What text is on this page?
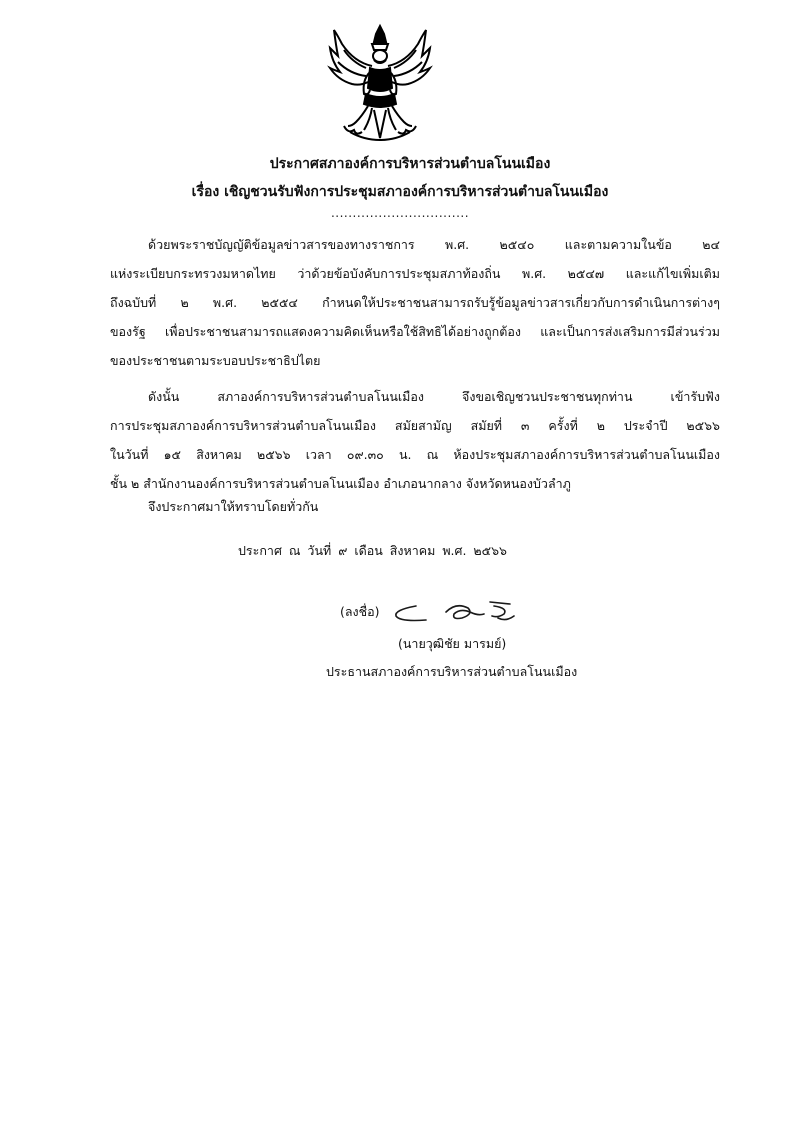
ประกาศสภาองค์การบริหารส่วนตำบลโนนเมือง
เรื่อง เชิญชวนรับฟังการประชุมสภาองค์การบริหารส่วนตำบลโนนเมือง
................................
ด้วยพระราชบัญญัติข้อมูลข่าวสารของทางราชการ พ.ศ. ๒๕๔๐ และตามความในข้อ ๒๔
แห่งระเบียบกระทรวงมหาดไทย ว่าด้วยข้อบังคับการประชุมสภาท้องถิ่น พ.ศ. ๒๕๔๗ และแก้ไขเพิ่มเติม
ถึงฉบับที่ ๒ พ.ศ. ๒๕๕๔ กำหนดให้ประชาชนสามารถรับรู้ข้อมูลข่าวสารเกี่ยวกับการดำเนินการต่างๆ
ของรัฐ เพื่อประชาชนสามารถแสดงความคิดเห็นหรือใช้สิทธิได้อย่างถูกต้อง และเป็นการส่งเสริมการมีส่วนร่วม
ของประชาชนตามระบอบประชาธิปไตย
ดังนั้น สภาองค์การบริหารส่วนตำบลโนนเมือง จึงขอเชิญชวนประชาชนทุกท่าน เข้ารับฟัง
การประชุมสภาองค์การบริหารส่วนตำบลโนนเมือง สมัยสามัญ สมัยที่ ๓ ครั้งที่ ๒ ประจำปี ๒๕๖๖
ในวันที่ ๑๕ สิงหาคม ๒๕๖๖ เวลา ๐๙.๓๐ น. ณ ห้องประชุมสภาองค์การบริหารส่วนตำบลโนนเมือง
ชั้น ๒ สำนักงานองค์การบริหารส่วนตำบลโนนเมือง อำเภอนากลาง จังหวัดหนองบัวลำภู
จึงประกาศมาให้ทราบโดยทั่วกัน
ประกาศ ณ วันที่ ๙ เดือน สิงหาคม พ.ศ. ๒๕๖๖
(ลงชื่อ)
(นายวุฒิชัย มารมย์)
ประธานสภาองค์การบริหารส่วนตำบลโนนเมือง
